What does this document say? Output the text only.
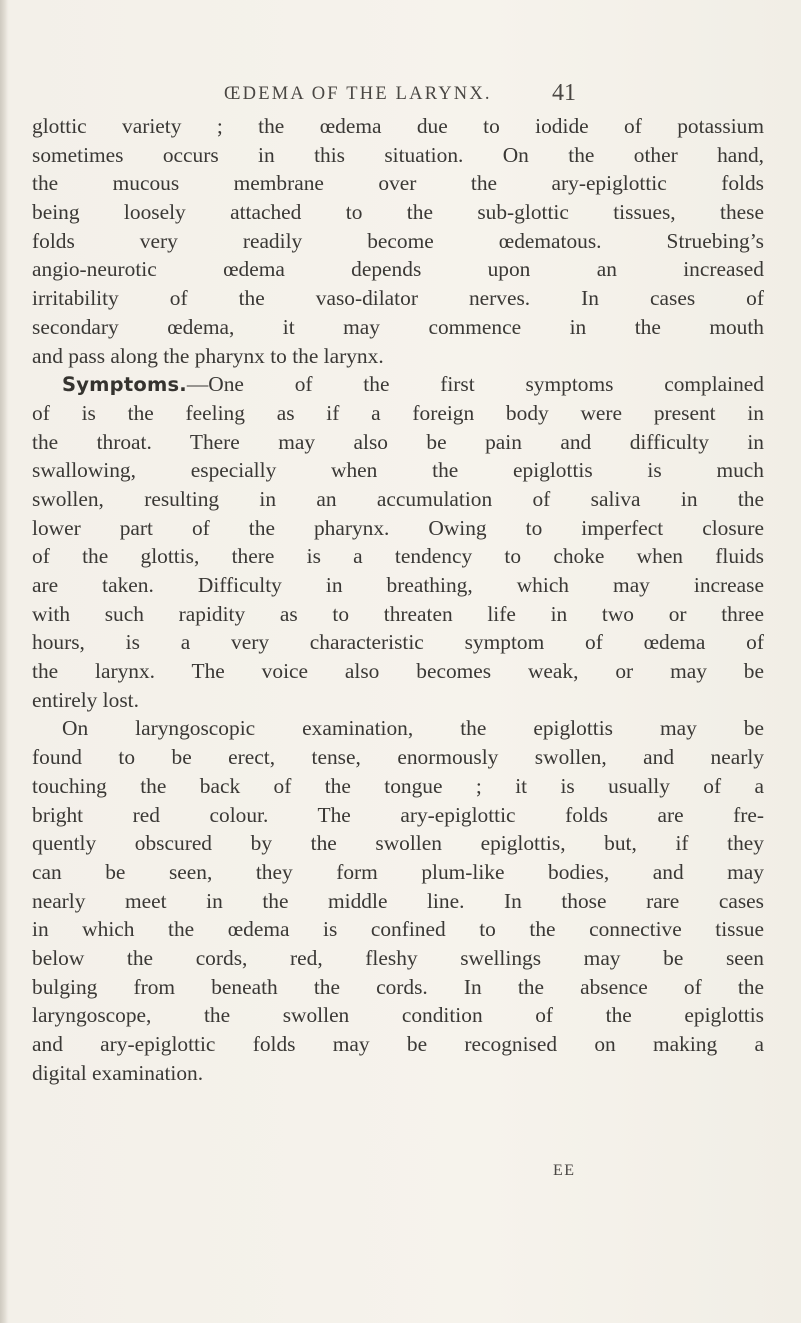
ŒDEMA OF THE LARYNX.	41
glottic variety ; the œdema due to iodide of potassium
sometimes occurs in this situation. On the other hand,
the mucous membrane over the ary-epiglottic folds
being loosely attached to the sub-glottic tissues, these
folds very readily become œdematous. Struebing’s
angio-neurotic œdema depends upon an increased
irritability of the vaso-dilator nerves. In cases of
secondary œdema, it may commence in the mouth
and pass along the pharynx to the larynx.
Symptoms.—One of the first symptoms complained
of is the feeling as if a foreign body were present in
the throat. There may also be pain and difficulty in
swallowing, especially when the epiglottis is much
swollen, resulting in an accumulation of saliva in the
lower part of the pharynx. Owing to imperfect closure
of the glottis, there is a tendency to choke when fluids
are taken. Difficulty in breathing, which may increase
with such rapidity as to threaten life in two or three
hours, is a very characteristic symptom of œdema of
the larynx. The voice also becomes weak, or may be
entirely lost.
On laryngoscopic examination, the epiglottis may be
found to be erect, tense, enormously swollen, and nearly
touching the back of the tongue ; it is usually of a
bright red colour. The ary-epiglottic folds are fre-
quently obscured by the swollen epiglottis, but, if they
can be seen, they form plum-like bodies, and may
nearly meet in the middle line. In those rare cases
in which the œdema is confined to the connective tissue
below the cords, red, fleshy swellings may be seen
bulging from beneath the cords. In the absence of the
laryngoscope, the swollen condition of the epiglottis
and ary-epiglottic folds may be recognised on making a
digital examination.
EE
